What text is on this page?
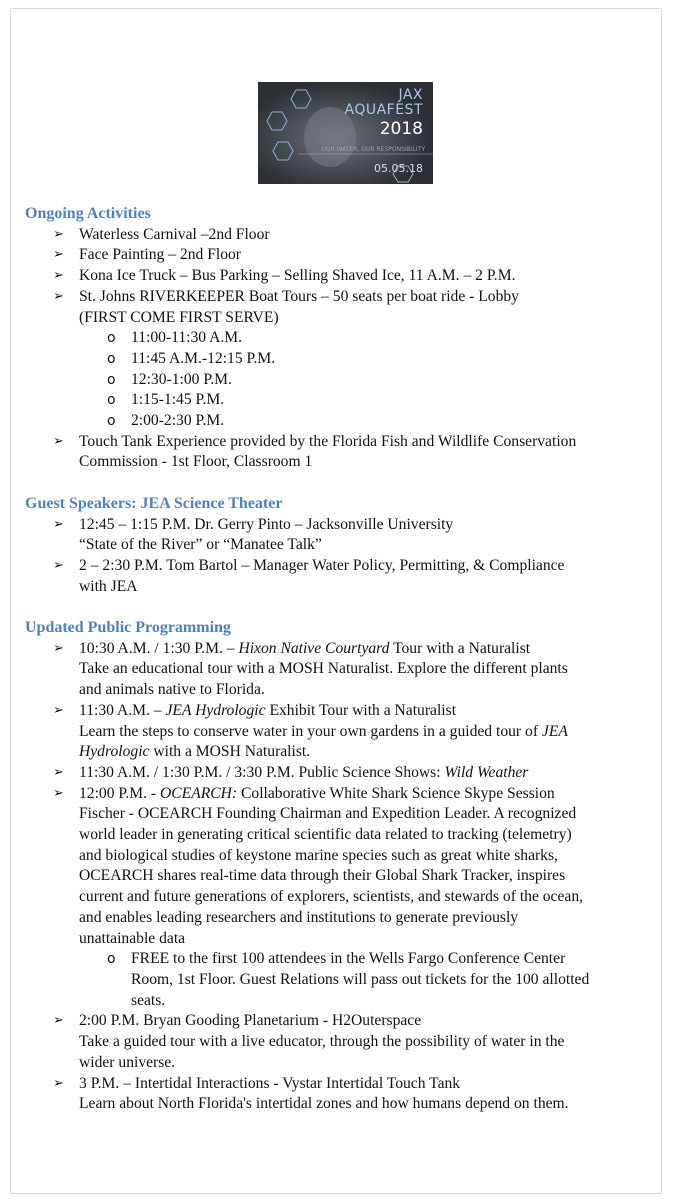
JAX
AQUAFEST
2018
OUR WATER, OUR RESPONSIBILITY
05.05.18
Ongoing Activities
➢ Waterless Carnival –2nd Floor
➢ Face Painting – 2nd Floor
➢ Kona Ice Truck – Bus Parking – Selling Shaved Ice, 11 A.M. – 2 P.M.
➢ St. Johns RIVERKEEPER Boat Tours – 50 seats per boat ride - Lobby
(FIRST COME FIRST SERVE)
o 11:00-11:30 A.M.
o 11:45 A.M.-12:15 P.M.
o 12:30-1:00 P.M.
o 1:15-1:45 P.M.
o 2:00-2:30 P.M.
➢ Touch Tank Experience provided by the Florida Fish and Wildlife Conservation
Commission - 1st Floor, Classroom 1
Guest Speakers: JEA Science Theater
➢ 12:45 – 1:15 P.M. Dr. Gerry Pinto – Jacksonville University
“State of the River” or “Manatee Talk”
➢ 2 – 2:30 P.M. Tom Bartol – Manager Water Policy, Permitting, & Compliance
with JEA
Updated Public Programming
➢ 10:30 A.M. / 1:30 P.M. – Hixon Native Courtyard Tour with a Naturalist
Take an educational tour with a MOSH Naturalist. Explore the different plants
and animals native to Florida.
➢ 11:30 A.M. – JEA Hydrologic Exhibit Tour with a Naturalist
Learn the steps to conserve water in your own gardens in a guided tour of JEA
Hydrologic with a MOSH Naturalist.
➢ 11:30 A.M. / 1:30 P.M. / 3:30 P.M. Public Science Shows: Wild Weather
➢ 12:00 P.M. - OCEARCH: Collaborative White Shark Science Skype Session
Fischer - OCEARCH Founding Chairman and Expedition Leader. A recognized
world leader in generating critical scientific data related to tracking (telemetry)
and biological studies of keystone marine species such as great white sharks,
OCEARCH shares real-time data through their Global Shark Tracker, inspires
current and future generations of explorers, scientists, and stewards of the ocean,
and enables leading researchers and institutions to generate previously
unattainable data
o FREE to the first 100 attendees in the Wells Fargo Conference Center
Room, 1st Floor. Guest Relations will pass out tickets for the 100 allotted
seats.
➢ 2:00 P.M. Bryan Gooding Planetarium - H2Outerspace
Take a guided tour with a live educator, through the possibility of water in the
wider universe.
➢ 3 P.M. – Intertidal Interactions - Vystar Intertidal Touch Tank
Learn about North Florida's intertidal zones and how humans depend on them.
